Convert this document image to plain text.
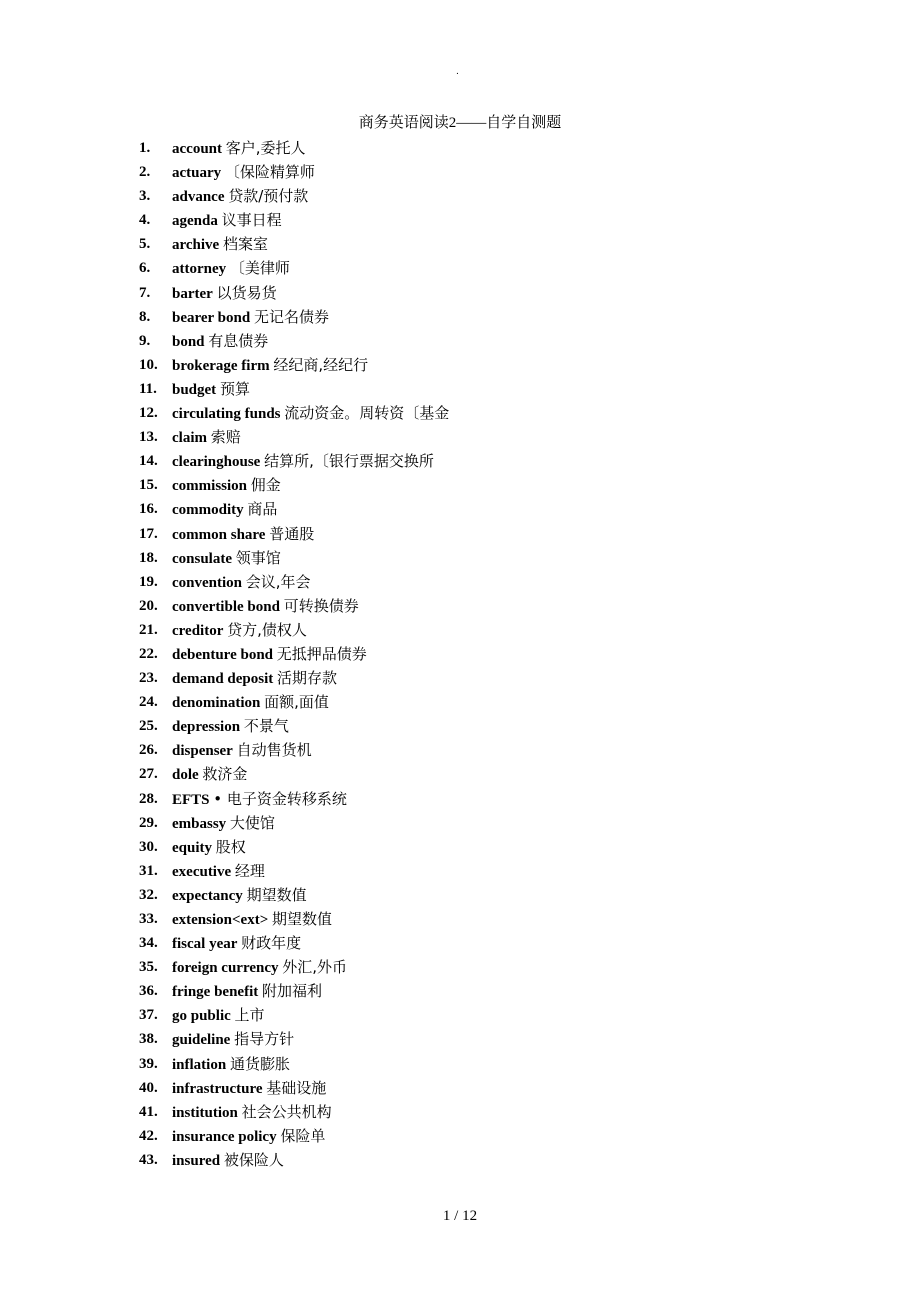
.
商务英语阅读2——自学自测题
1.	account 客户,委托人
2.	actuary 〔保险精算师
3.	advance 贷款/预付款
4.	agenda 议事日程
5.	archive 档案室
6.	attorney 〔美律师
7.	barter 以货易货
8.	bearer bond 无记名债券
9.	bond 有息债券
10. brokerage firm 经纪商,经纪行
11.	budget 预算
12. circulating funds 流动资金。周转资〔基金
13. claim 索赔
14. clearinghouse 结算所,〔银行票据交换所
15. commission 佣金
16. commodity 商品
17. common share 普通股
18. consulate 领事馆
19. convention 会议,年会
20. convertible bond 可转换债券
21. creditor 贷方,债权人
22. debenture bond 无抵押品债券
23. demand deposit 活期存款
24. denomination 面额,面值
25. depression 不景气
26. dispenser 自动售货机
27. dole 救济金
28. EFTS • 电子资金转移系统
29. embassy 大使馆
30. equity 股权
31. executive 经理
32. expectancy 期望数值
33. extension<ext> 期望数值
34. fiscal year 财政年度
35. foreign currency 外汇,外币
36. fringe benefit 附加福利
37. go public 上市
38. guideline 指导方针
39. inflation 通货膨胀
40. infrastructure 基础设施
41. institution 社会公共机构
42. insurance policy 保险单
43. insured 被保险人
1 / 12
